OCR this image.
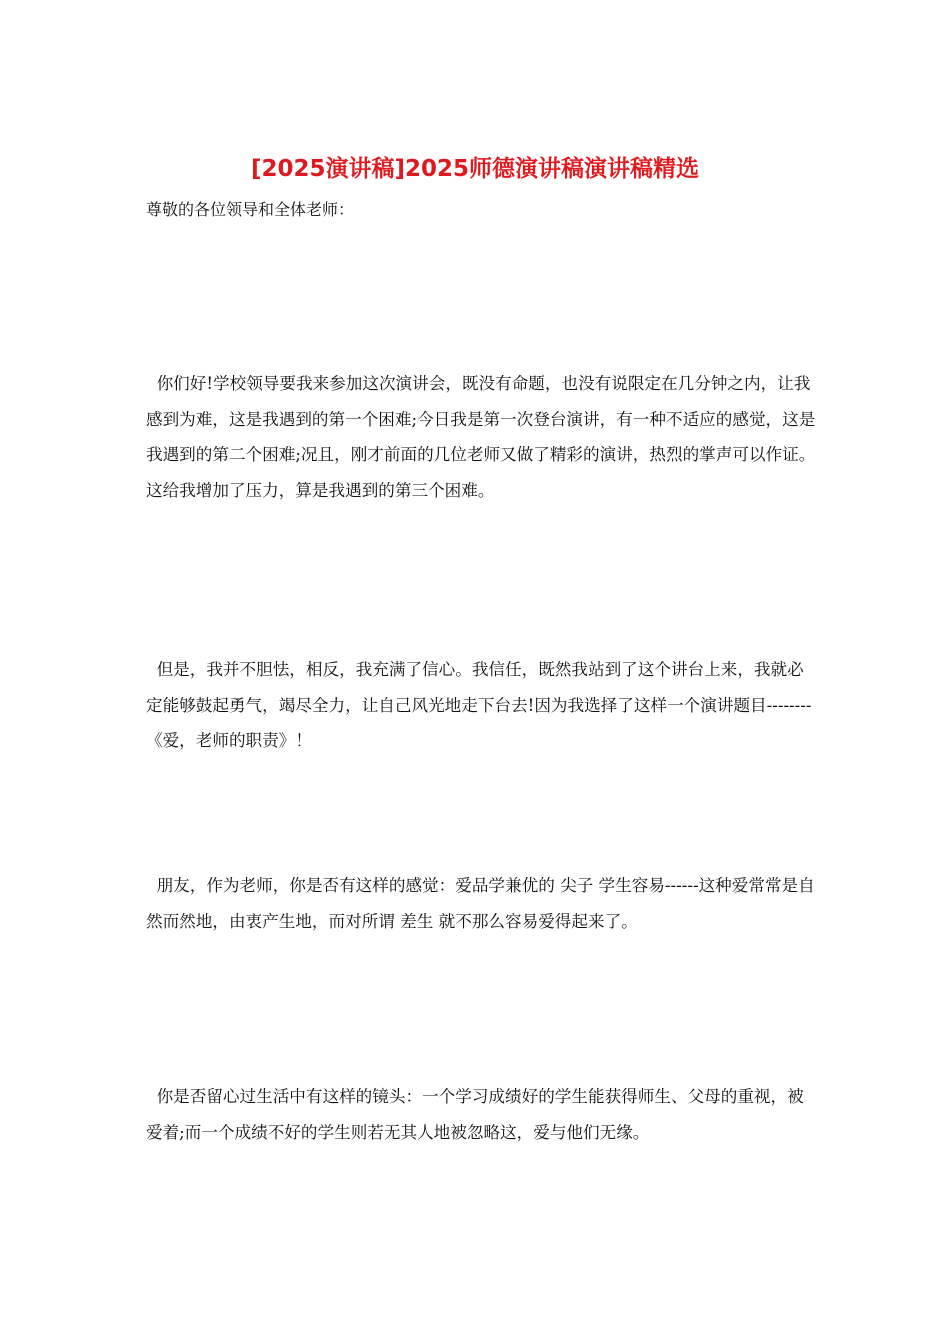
[2025演讲稿]2025师德演讲稿演讲稿精选

尊敬的各位领导和全体老师：

你们好!学校领导要我来参加这次演讲会，既没有命题，也没有说限定在几分钟之内，让我感到为难，这是我遇到的第一个困难;今日我是第一次登台演讲，有一种不适应的感觉，这是我遇到的第二个困难;况且，刚才前面的几位老师又做了精彩的演讲，热烈的掌声可以作证。这给我增加了压力，算是我遇到的第三个困难。

但是，我并不胆怯，相反，我充满了信心。我信任，既然我站到了这个讲台上来，我就必定能够鼓起勇气，竭尽全力，让自己风光地走下台去!因为我选择了这样一个演讲题目--------《爱，老师的职责》！

朋友，作为老师，你是否有这样的感觉：爱品学兼优的 尖子 学生容易------这种爱常常是自然而然地，由衷产生地，而对所谓 差生 就不那么容易爱得起来了。

你是否留心过生活中有这样的镜头：一个学习成绩好的学生能获得师生、父母的重视，被爱着;而一个成绩不好的学生则若无其人地被忽略这，爱与他们无缘。
